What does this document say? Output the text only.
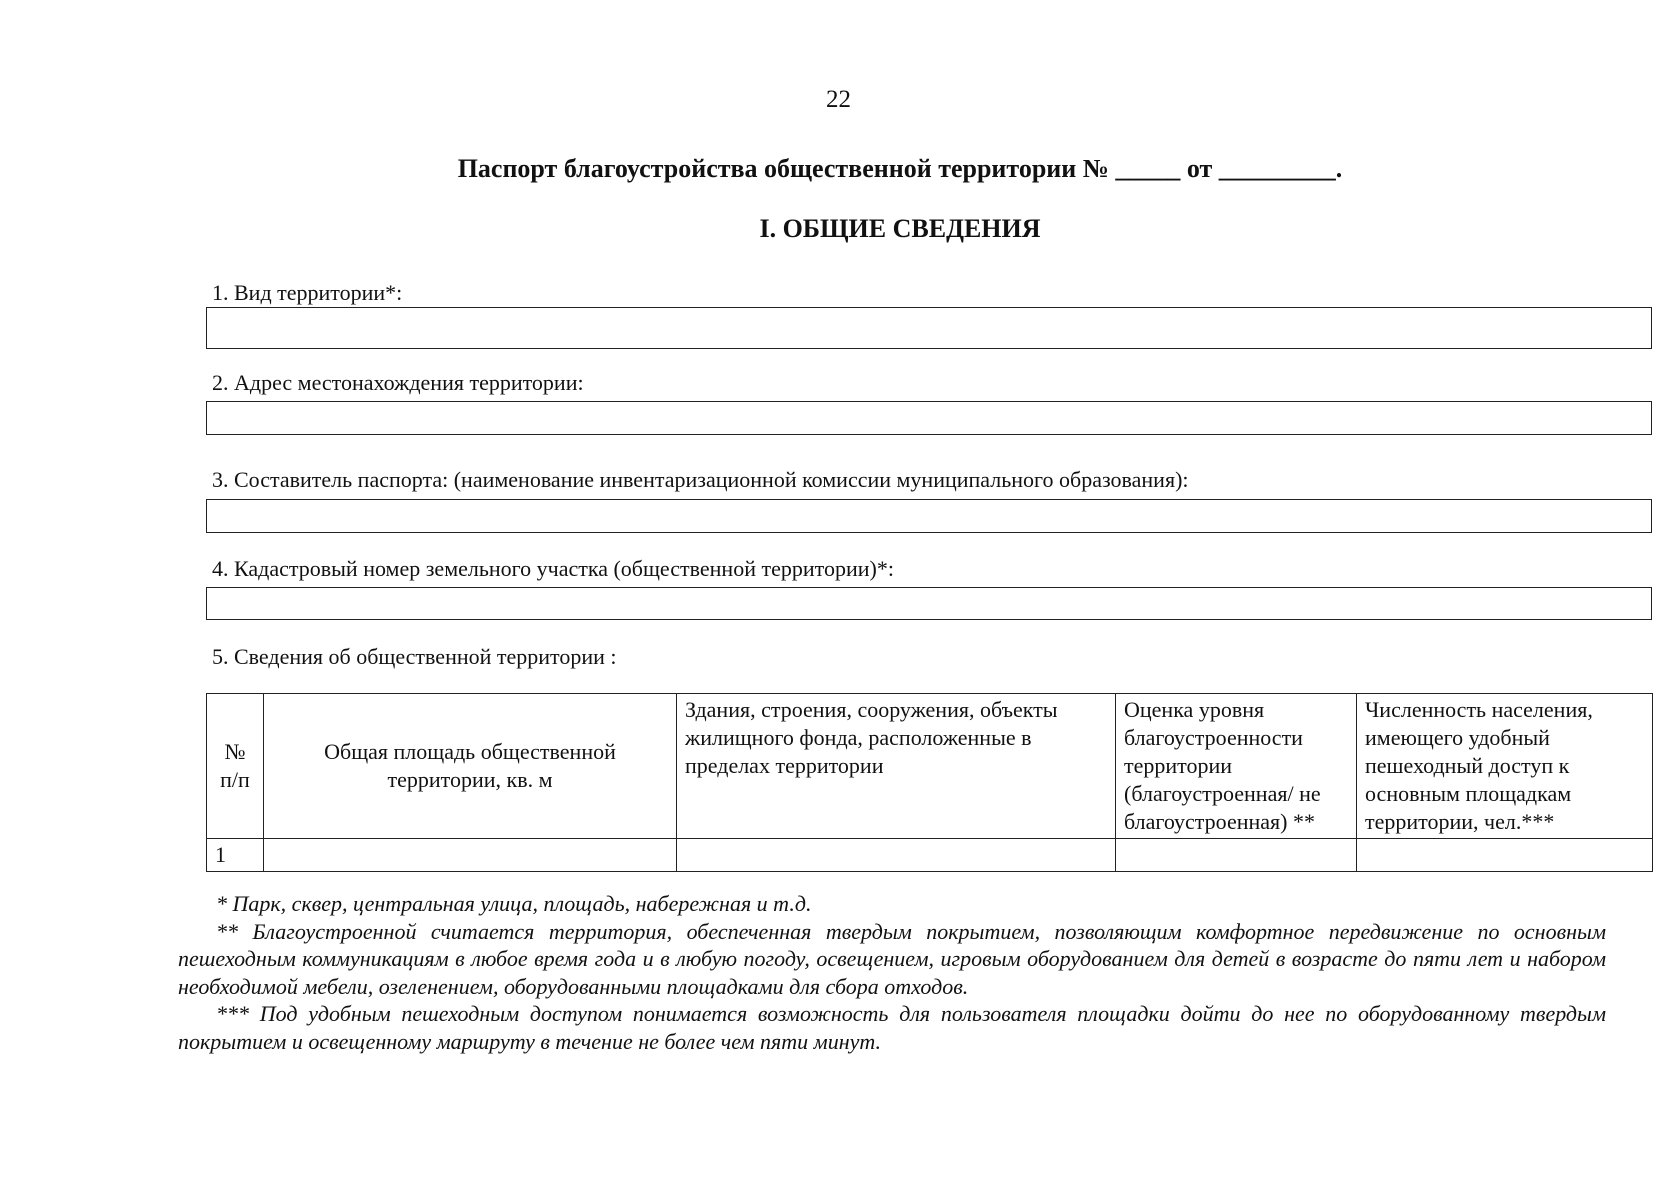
22
Паспорт благоустройства общественной территории № _____ от _________.
I. ОБЩИЕ СВЕДЕНИЯ
1. Вид территории*:
2. Адрес местонахождения территории:
3. Составитель паспорта: (наименование инвентаризационной комиссии муниципального образования):
4. Кадастровый номер земельного участка (общественной территории)*:
5. Сведения об общественной территории :
№ п/п	Общая площадь общественной территории, кв. м	Здания, строения, сооружения, объекты жилищного фонда, расположенные в пределах территории	Оценка уровня благоустроенности территории (благоустроенная/ не благоустроенная) **	Численность населения, имеющего удобный пешеходный доступ к основным площадкам территории, чел.***
1				

* Парк, сквер, центральная улица, площадь, набережная и т.д.

** Благоустроенной считается территория, обеспеченная твердым покрытием, позволяющим комфортное передвижение по основным пешеходным коммуникациям в любое время года и в любую погоду, освещением, игровым оборудованием для детей в возрасте до пяти лет и набором необходимой мебели, озеленением, оборудованными площадками для сбора отходов.

*** Под удобным пешеходным доступом понимается возможность для пользователя площадки дойти до нее по оборудованному твердым покрытием и освещенному маршруту в течение не более чем пяти минут.
